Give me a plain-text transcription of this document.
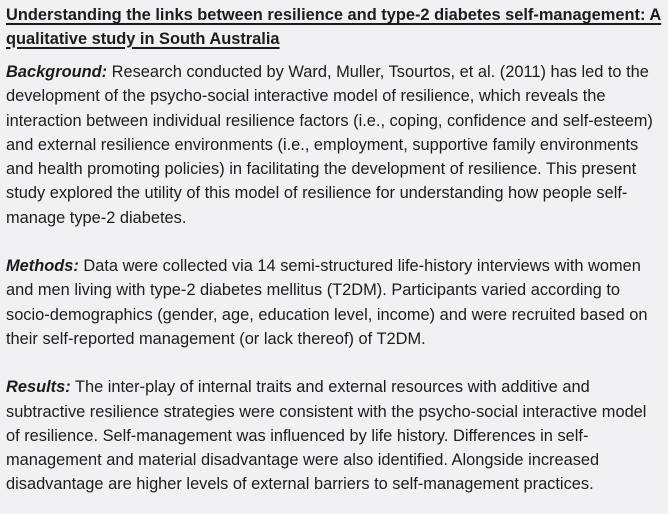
Understanding the links between resilience and type-2 diabetes self-management: A qualitative study in South Australia

Background: Research conducted by Ward, Muller, Tsourtos, et al. (2011) has led to the development of the psycho-social interactive model of resilience, which reveals the interaction between individual resilience factors (i.e., coping, confidence and self-esteem) and external resilience environments (i.e., employment, supportive family environments and health promoting policies) in facilitating the development of resilience. This present study explored the utility of this model of resilience for understanding how people self-manage type-2 diabetes.

Methods: Data were collected via 14 semi-structured life-history interviews with women and men living with type-2 diabetes mellitus (T2DM). Participants varied according to socio-demographics (gender, age, education level, income) and were recruited based on their self-reported management (or lack thereof) of T2DM.

Results: The inter-play of internal traits and external resources with additive and subtractive resilience strategies were consistent with the psycho-social interactive model of resilience. Self-management was influenced by life history. Differences in self-management and material disadvantage were also identified. Alongside increased disadvantage are higher levels of external barriers to self-management practices.
